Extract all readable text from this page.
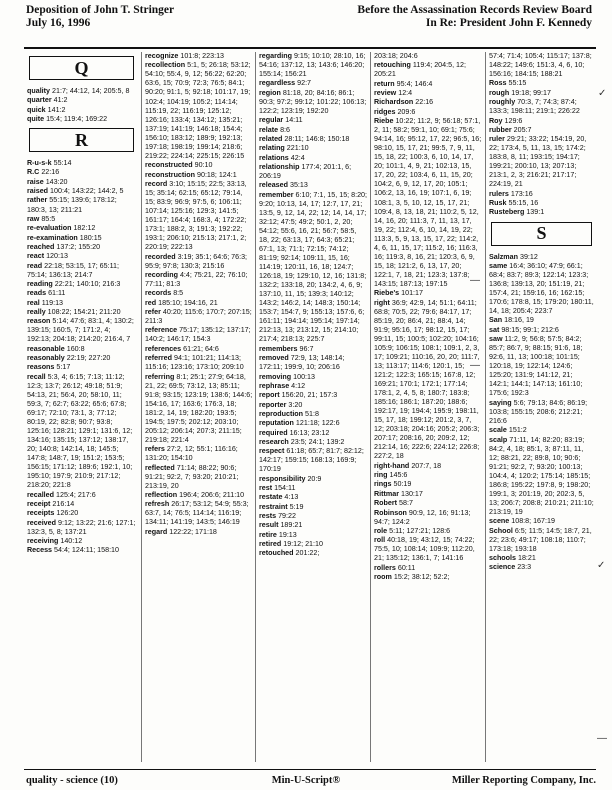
Deposition of John T. Stringer
July 16, 1996
Before the Assassination Records Review Board
In Re: President John F. Kennedy
Q
quality 21:7; 44:12, 14; 205:5, 8
quarter 41:2
quick 141:2
quite 15:4; 119:4; 169:22
R
R-u-s-k 55:14
R.C 22:16
raise 143:20
raised 100:4; 143:22; 144:2, 5
rather 55:15; 139:6; 178:12; 180:3, 13; 211:21
raw 85:5
re-evaluation 182:12
re-examination 180:15
reached 137:2; 155:20
react 120:13
read 22:18; 53:15, 17; 65:11; 75:14; 136:13; 214:7
reading 22:21; 140:10; 216:3
reads 61:11
real 119:13
really 108:22; 154:21; 211:20
reason 5:14; 47:6; 83:1, 4; 130:2; 139:15; 160:5, 7; 171:2, 4; 192:13; 204:18; 214:20; 216:4, 7
reasonable 160:8
reasonably 22:19; 227:20
reasons 5:17
recall 5:3, 4; 6:15; 7:13; 11:12; 12:3; 13:7; 26:12; 49:18; 51:9; 54:13, 21; 56:4, 20; 58:10, 11; 59:3, 7; 62:7; 63:22; 65:6; 67:8; 69:17; 72:10; 73:1, 3; 77:12; 80:19, 22; 82:8; 90:7; 93:8; 125:16; 128:21; 129:1; 131:6, 12; 134:16; 135:15; 137:12; 138:17, 20; 140:8; 142:14, 18; 145:5; 147:8; 148:7, 19; 151:2; 153:5; 156:15; 171:12; 189:6; 192:1, 10; 195:10; 197:9; 210:9; 217:12; 218:20; 221:8
recalled 125:4; 217:6
receipt 216:14
receipts 126:20
received 9:12; 13:22; 21:6; 127:1; 132:3, 5, 8; 137:21
receiving 140:12
Recess 54:4; 124:11; 158:10
recognize 101:8; 223:13
recollection 5:1, 5; 26:18; 53:12; 54:10; 55:4, 9, 12; 56:22; 62:20; 63:6, 15; 70:9; 72:3; 76:5; 84:1; 90:20; 91:1, 5; 92:18; 101:17, 19; 102:4; 104:19; 105:2; 114:14; 115:19, 22; 116:19; 125:12; 126:16; 133:4; 134:12; 135:21; 137:19; 141:19; 146:18; 154:4; 156:10; 183:12; 189:9; 192:13; 197:18; 198:19; 199:14; 218:6; 219:22; 224:14; 225:15; 226:15
reconstructed 90:10
reconstruction 90:18; 124:1
record 3:10; 15:15; 22:5; 33:13, 15; 35:14; 62:15; 65:12; 79:14, 15; 83:9; 96:9; 97:5, 6; 106:11; 107:14; 125:16; 129:3; 141:5; 161:17; 164:4; 168:3, 4; 172:22; 173:1; 188:2, 3; 191:3; 192:22; 193:1; 206:10; 215:13; 217:1, 2; 220:19; 222:13
recorded 3:19; 35:1; 64:6; 76:3; 95:9; 97:8; 130:3; 215:16
recording 4:4; 75:21, 22; 76:10; 77:11; 81:3
records 8:5
red 185:10; 194:16, 21
refer 40:20; 115:6; 170:7; 207:15; 211:3
reference 75:17; 135:12; 137:17; 140:2; 146:17; 154:3
references 61:21; 64:6
referred 94:1; 101:21; 114:13; 115:16; 123:16; 173:10; 209:10
referring 8:1; 25:1; 27:9; 64:18, 21, 22; 69:5; 73:12, 13; 85:11; 91:8; 93:15; 123:19; 138:6; 144:6; 154:16, 17; 163:6; 176:3, 18; 181:2, 14, 19; 182:20; 193:5; 194:5; 197:5; 202:12; 203:10; 205:12; 206:14; 207:3; 211:15; 219:18; 221:4
refers 27:2, 12; 55:1; 116:16; 131:20; 154:10
reflected 71:14; 88:22; 90:6; 91:21; 92:2, 7; 93:20; 210:21; 213:19, 20
reflection 196:4; 206:6; 211:10
refresh 26:17; 53:12; 54:9; 55:3; 63:7, 14; 76:5; 114:14; 116:19; 134:11; 141:19; 143:5; 146:19
regard 122:22; 171:18
regarding 9:15; 10:10; 28:10, 16; 54:16; 137:12, 13; 143:6; 146:20; 155:14; 156:21
regardless 92:7
region 81:18, 20; 84:16; 86:1; 90:3; 97:2; 99:12; 101:22; 106:13; 122:2; 123:19; 192:20
regular 14:11
relate 8:6
related 28:11; 146:8; 150:18
relating 221:10
relations 42:4
relationship 177:4; 201:1, 6; 206:19
released 35:13
remember 6:10; 7:1, 15, 15; 8:20; 9:20; 10:13, 14, 17; 12:7, 17, 21; 13:5, 9, 12, 14, 22; 12; 14, 14, 17; 32:12; 47:5; 49:2; 50:1, 2, 20; 54:12; 55:6, 16, 21; 56:7; 58:5, 18, 22; 63:13, 17; 64:3; 65:21; 67:1, 13; 71:1; 72:15; 74:12; 81:19; 92:14; 109:11, 15, 16; 114:19; 120:11, 16, 18; 124:7; 126:18, 19; 129:10, 12, 16; 131:8; 132:2; 133:18, 20; 134:2, 4, 6, 9; 137:10, 11, 15; 139:3; 140:12; 143:2; 146:2, 14; 148:3; 150:14; 153:7; 154:7, 9; 155:13; 157:6, 6; 161:11; 194:14; 195:14; 197:14; 212:13, 13; 213:12, 15; 214:10; 217:4; 218:13; 225:7
remembers 96:7
removed 72:9, 13; 148:14; 172:11; 199:9, 10; 206:16
removing 100:13
rephrase 4:12
report 156:20, 21; 157:3
reporter 3:20
reproduction 51:8
reputation 121:18; 122:6
required 16:13; 23:12
research 23:5; 24:1; 139:2
respect 61:18; 65:7; 81:7; 82:12; 142:17; 159:15; 168:13; 169:9; 170:19
responsibility 20:9
rest 154:11
restate 4:13
restraint 5:19
rests 79:22
result 189:21
retire 19:13
retired 19:12; 21:10
retouched 201:22;
203:18; 204:6
retouching 119:4; 204:5, 12; 205:21
return 95:4; 146:4
review 12:4
Richardson 22:16
ridges 209:6
Riebe 10:22; 11:2, 9; 56:18; 57:1, 2, 11; 58:2; 59:1, 10; 69:1; 75:6; 94:14, 16; 95:12, 17, 22; 96:5, 16; 98:10, 15, 17, 21; 99:5, 7, 9, 11, 15, 18, 22; 100:3, 6, 10, 14, 17, 20; 101:1, 4, 9, 21; 102:13, 15, 17, 20, 22; 103:4, 6, 11, 15, 20; 104:2, 6, 9, 12, 17, 20; 105:1; 106:2, 13, 16, 19; 107:1, 6, 19; 108:1, 3, 5, 10, 12, 15, 17, 21; 109:4, 8, 13, 18, 21; 110:2, 5, 12, 14, 16, 20; 111:3, 7, 11, 13, 17, 19, 22; 112:4, 6, 10, 14, 19, 22; 113:3, 5, 9, 13, 15, 17, 22; 114:2, 4, 6, 11, 15, 17; 115:2, 16; 116:3, 16; 119:3, 8, 16, 21; 120:3, 6, 9, 15, 18; 121:2, 6, 13, 17, 20; 122:1, 7, 18, 21; 123:3; 137:8; 143:15; 187:13; 197:15
Riebe's 101:17
right 36:9; 42:9, 14; 51:1; 64:11; 68:8; 70:5, 22; 79:6; 84:17, 17; 85:19, 20; 86:4, 21; 88:4, 14; 91:9; 95:16, 17; 98:12, 15, 17; 99:11, 15; 100:5; 102:20; 104:16; 105:9; 106:15; 108:1; 109:1, 2, 3, 17; 109:21; 110:16, 20, 20; 111:7, 13; 113:17; 114:6; 120:1, 15; 121:2; 122:3; 165:15; 167:8, 12; 169:21; 170:1; 172:1; 177:14; 178:1, 2, 4, 5, 8; 180:7; 183:8; 185:16; 186:1; 187:20; 188:6; 192:17, 19; 194:4; 195:9; 198:11, 15, 17, 18; 199:12; 201:2, 3, 7, 12; 203:18; 204:16; 205:2; 206:3; 207:17; 208:16, 20; 209:2, 12; 212:14, 16; 222:6; 224:12; 226:8; 227:2, 18
right-hand 207:7, 18
ring 145:6
rings 50:19
Rittmar 130:17
Robert 58:7
Robinson 90:9, 12, 16; 91:13; 94:7; 124:2
role 5:11; 127:21; 128:6
roll 40:18, 19; 43:12, 15; 74:22; 75:5, 10; 108:14; 109:9; 112:20, 21; 135:12; 136:1, 7; 141:16
rollers 60:11
room 15:2; 38:12; 52:2;
57:4; 71:4; 105:4; 115:17; 137:8; 148:22; 149:6; 151:3, 4, 6, 10; 156:16; 184:15; 188:21
Ross 55:15
rough 19:18; 99:17
roughly 70:3, 7; 74:3; 87:4; 133:3; 198:11; 219:1; 226:22
Roy 129:6
rubber 205:7
ruler 29:21; 33:22; 154:19, 20, 22; 173:4, 5, 11, 13, 15; 174:2; 183:8, 8, 11; 193:15; 194:17; 199:21; 200:10, 13; 207:13; 213:1, 2, 3; 216:21; 217:17; 224:19, 21
rulers 173:16
Rusk 55:15, 16
Rusteberg 139:1
S
Salzman 39:12
same 16:4; 36:10; 47:9; 66:1; 68:4; 83:7; 89:3; 122:14; 123:3; 136:8; 139:13, 20; 151:19, 21; 157:4, 21; 159:16, 16; 162:15; 170:6; 178:8, 15; 179:20; 180:11, 14, 18; 205:4; 223:7
San 18:16, 19
sat 98:15; 99:1; 212:6
saw 11:2, 9; 56:8; 57:5; 84:2; 85:7; 86:7, 9; 88:15; 91:6, 18; 92:6, 11, 13; 100:18; 101:15; 120:18, 19; 122:14; 124:6; 125:20; 131:9; 141:12, 21; 142:1; 144:1; 147:13; 161:10; 175:6; 192:3
saying 5:6; 79:13; 84:6; 86:19; 103:8; 155:15; 208:6; 212:21; 216:6
scale 151:2
scalp 71:11, 14; 82:20; 83:19; 84:2, 4, 18; 85:1, 3; 87:11, 11, 12; 88:21, 22; 89:8, 10; 90:6; 91:21; 92:2, 7; 93:20; 100:13; 104:4, 4; 120:2; 175:14; 185:15; 186:8; 195:22; 197:8, 9; 198:20; 199:1, 3; 201:19, 20; 202:3, 5, 13; 206:7; 208:8; 210:21; 211:10; 213:19, 19
scene 108:8; 167:19
School 6:5; 11:5; 14:5; 18:7, 21, 22; 23:6; 49:17; 108:18; 110:7; 173:18; 193:18
schools 18:21
science 23:3
✓
—
—
✓
—
quality - science (10)	Min-U-Script®	Miller Reporting Company, Inc.
